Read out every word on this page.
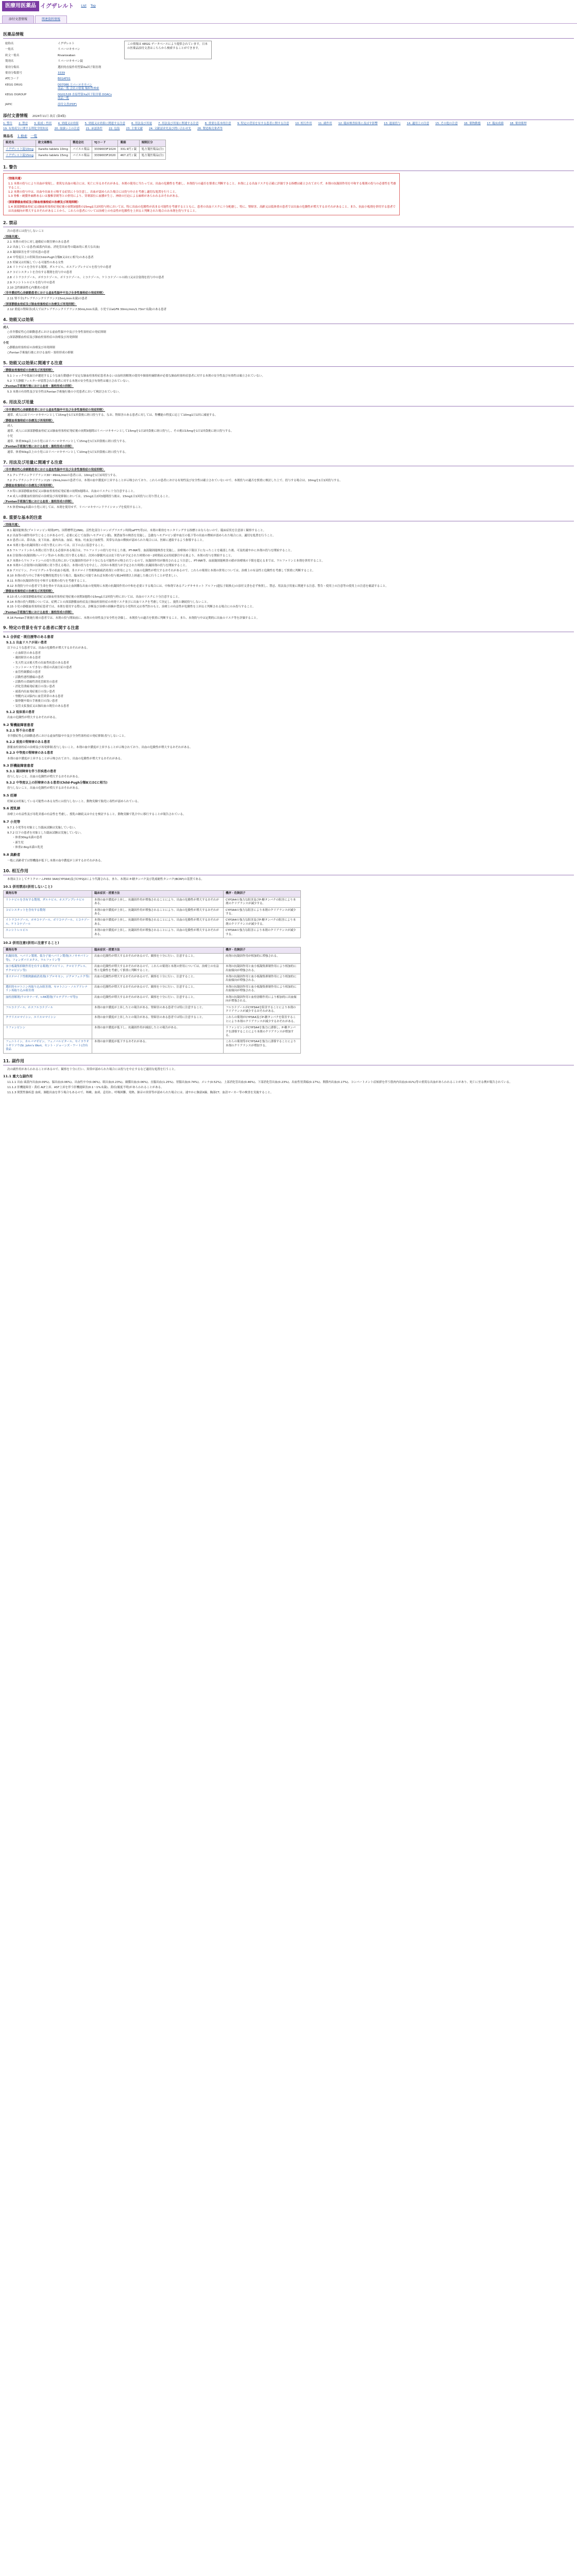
医療用医薬品 イグザレルト List Top
添付文書情報	関連資料情報
医薬品情報
総称名	イグザレルト
一般名	リバーロキサバン
欧文一般名	Rivaroxaban
製剤名	リバーロキサバン錠
薬効分類名	選択的直接作用型第Xa因子阻害剤
薬効分類番号	3339
ATCコード	B01AF01
KEGG DRUG	D07086 リバーロキサバン
商品一覧 会社の情報 類似性検索
KEGG DGROUP	DG01528 直接型第Xa因子阻害薬 DOACs
商品一覧
JAPIC	添付文書(PDF)
この情報は KEGG データベースにより提供されています。日本の医薬品添付文書はこちらから検索することができます。
添付文書情報 2024年11月 改訂 (第4版)
1. 警告 2. 禁忌 3. 組成・性状 4. 効能又は効果 5. 効能又は効果に関連する注意 6. 用法及び用量 7. 用法及び用量に関連する注意 8. 重要な基本的注意 9. 特定の背景を有する患者に関する注意 10. 相互作用 11. 副作用 12. 臨床検査結果に及ぼす影響 13. 過量投与 14. 適用上の注意 15. その他の注意 16. 薬物動態 17. 臨床成績 18. 薬効薬理
19. 有効成分に関する理化学的知見 20. 取扱い上の注意 21. 承認条件 22. 包装 23. 主要文献 24. 文献請求先及び問い合わせ先 26. 製造販売業者等
商品名 1 検索 一覧
販売名	欧文商標名	製造会社	YJコード	薬価	規制区分
イグザレルト錠10mg	Xarelto tablets 10mg	バイエル薬品	3339003F1024	331.9円 / 錠	処方箋医薬品(注)
イグザレルト錠15mg	Xarelto tablets 15mg	バイエル薬品	3339003F2020	467.2円 / 錠	処方箋医薬品(注)
1. 警告
〈効能共通〉

1.1 本剤の投与により出血が発現し、重篤な出血の場合には、死亡に至るおそれがある。本剤の使用に当たっては、出血の危険性を考慮し、本剤投与の適否を慎重に判断すること。本剤による出血リスクを正確に評価できる指標は確立されておらず、本剤の抗凝固作用を中和する薬剤の投与の必要性を考慮すること。

1.2 本剤の投与中は、出血や出血を示唆する症状に十分注意し、出血が認められた場合には投与中止を考慮し適切な処置を行うこと。

1.3 脊椎・硬膜外麻酔あるいは腰椎穿刺等との併用により、穿刺部位に血腫が生じ、神経の圧迫による麻痺があらわれるおそれがある。

〈深部静脈血栓症及び肺血栓塞栓症の治療及び再発抑制〉

1.4 深部静脈血栓症又は肺血栓塞栓症発症後の初期3週間の15mg1日2回投与時においては、特に出血の危険性が高まる可能性を考慮するとともに、患者の出血リスクに十分配慮し、特に、腎障害、高齢又は低体重の患者では出血の危険性が増大するおそれがあること、また、抗血小板剤を併用する患者では出血傾向が増大するおそれがあることから、これらの患者については治療上の有益性が危険性を上回ると判断された場合のみ本剤を投与すること。

2. 禁忌
次の患者には投与しないこと
〈効能共通〉

2.1 本剤の成分に対し過敏症の既往歴のある患者

2.2 出血している患者(頭蓋内出血、消化管出血等の臨床的に重大な出血)

2.3 凝固障害を伴う肝疾患の患者

2.4 中等度以上の肝障害(Child-Pugh分類B又はCに相当)のある患者

2.5 妊婦又は妊娠している可能性のある女性

2.6 リトナビルを含有する製剤、ダルナビル、ホスアンプレナビルを投与中の患者

2.7 コビシスタットを含有する製剤を投与中の患者

2.8 イトラコナゾール、ポサコナゾール、ボリコナゾール、ミコナゾール、ケトコナゾールの経口又は注射剤を投与中の患者

2.9 エンシトレルビルを投与中の患者

2.10 急性細菌性心内膜炎の患者

〈非弁膜症性心房細動患者における虚血性脳卒中及び全身性塞栓症の発症抑制〉

2.11 腎不全(クレアチニンクリアランス15mL/min未満)の患者

〈深部静脈血栓症及び肺血栓塞栓症の治療及び再発抑制〉

2.12 重度の腎障害(成人ではクレアチニンクリアランス30mL/min未満、小児ではeGFR 30mL/min/1.73m²未満)のある患者

4. 効能又は効果
成人

○非弁膜症性心房細動患者における虚血性脳卒中及び全身性塞栓症の発症抑制

○深部静脈血栓症及び肺血栓塞栓症の治療及び再発抑制

小児

○静脈血栓塞栓症の治療及び再発抑制

○Fontan手術施行後における血栓・塞栓形成の抑制

5. 効能又は効果に関連する注意
〈静脈血栓塞栓症の治療及び再発抑制〉

5.1 ショックや低血圧が遷延するような血行動態が不安定な肺血栓塞栓症患者あるいは血栓溶解剤の使用や肺塞栓摘除術が必要な肺血栓塞栓症患者に対する本剤の安全性及び有効性は確立されていない。

5.2 下大静脈フィルターが留置された患者に対する本剤の安全性及び有効性は確立されていない。

〈Fontan手術施行後における血栓・塞栓形成の抑制〉

5.3 本剤の有効性及び安全性はFontan手術施行後の小児患者において検討されていない。

6. 用法及び用量
〈非弁膜症性心房細動患者における虚血性脳卒中及び全身性塞栓症の発症抑制〉

通常、成人にはリバーロキサバンとして15mgを1日1回食後に経口投与する。なお、腎障害のある患者に対しては、腎機能の程度に応じて10mg1日1回に減量する。

〈静脈血栓塞栓症の治療及び再発抑制〉

成人

通常、成人には深部静脈血栓症又は肺血栓塞栓症発症後の初期3週間はリバーロキサバンとして15mgを1日2回食後に経口投与し、その後は15mgを1日1回食後に経口投与する。

小児

通常、体重30kg以上の小児にはリバーロキサバンとして15mgを1日1回食後に経口投与する。

〈Fontan手術施行後における血栓・塞栓形成の抑制〉

通常、体重50kg以上の小児にはリバーロキサバンとして10mgを1日1回食後に経口投与する。

7. 用法及び用量に関連する注意
〈非弁膜症性心房細動患者における虚血性脳卒中及び全身性塞栓症の発症抑制〉

7.1 クレアチニンクリアランス30～49mL/minの患者には、10mgを1日1回投与する。

7.2 クレアチニンクリアランス15～29mL/minの患者では、本剤の血中濃度が上昇することが示唆されており、これらの患者における有効性及び安全性は確立されていないので、本剤投与の適否を慎重に検討した上で、投与する場合は、10mgを1日1回投与する。

〈静脈血栓塞栓症の治療及び再発抑制〉

7.3 特に深部静脈血栓症又は肺血栓塞栓症発症後の初期3週間は、出血のリスクに十分注意すること。

7.4 成人の静脈血栓塞栓症の治療及び再発抑制においては、15mg1日2回3週間投与後は、15mg1日1回投与に切り替えること。

〈Fontan手術施行後における血栓・塞栓形成の抑制〉

7.5 体重50kg未満の小児に対しては、本剤を使用せず、リバーロキサバンドライシロップを使用すること。

8. 重要な基本的注意
〈効能共通〉

8.1 凝固能検査(プロトロンビン時間(PT)、国際標準比(INR)、活性化部分トロンボプラスチン時間(aPTT)等)は、本剤の薬効をモニタリングする指標とはならないので、臨床症状を注意深く観察すること。

8.2 出血等の副作用が生じることがあるので、必要に応じて血算(ヘモグロビン値)、便潜血等の検査を実施し、急激なヘモグロビン値や血圧の低下等の出血の徴候が認められた場合には、適切な処置を行うこと。

8.3 患者には、鼻出血、皮下出血、歯肉出血、血尿、喀血、吐血及び血便等、異常な出血の徴候が認められた場合には、医師に連絡するよう指導すること。

8.4 本剤と他の抗凝固剤との切り替えにおいては、以下の点に留意すること。

8.5 ワルファリンから本剤に切り替える必要がある場合は、ワルファリンの投与を中止した後、PT-INR等、血液凝固能検査を実施し、治療域の下限以下になったことを確認した後、可及的速やかに本剤の投与を開始すること。

8.6 注射剤の抗凝固剤(ヘパリン等)から本剤に切り替える場合、次回の静脈内又は皮下投与が予定された時間の0～2時間前又は持続静注中止後より、本剤の投与を開始すること。

8.7 本剤からワルファリンへの切り替え時において抗凝固作用が不十分になる可能性が示唆されているので、抗凝固作用が維持されるよう注意し、PT-INR等、血液凝固能検査の値が治療域の下限を超えるまでは、ワルファリンと本剤を併用すること。

8.8 本剤から注射剤の抗凝固剤に切り替える場合、本剤の投与を中止し、次回の本剤投与が予定された時間に抗凝固剤の投与を開始すること。

8.9 アスピリン、クロピドグレル等の抗血小板剤、非ステロイド性解熱鎮痛消炎剤との併用により、出血の危険性が増大するおそれがあるので、これらの薬剤と本剤の併用については、治療上の有益性と危険性を考慮して慎重に判断すること。

8.10 本剤の投与中に手術や侵襲的処置を行う場合、臨床的に可能であれば本剤の投与後24時間以上経過した後に行うことが望ましい。

8.11 本剤の抗凝固作用を中和する薬剤の投与を考慮すること。

8.12 本剤投与中の患者で生命を脅かす出血又は止血困難な出血の発現時に本剤の抗凝固作用の中和を必要とする場合には、中和剤であるアンデキサネット アルファ(遺伝子組換え)の添付文書を必ず参照し、禁忌、用法及び用量に関連する注意、警告・使用上の注意等の使用上の注意を確認すること。

〈静脈血栓塞栓症の治療及び再発抑制〉

8.13 成人の深部静脈血栓症又は肺血栓塞栓症発症後の初期3週間の15mg1日2回投与時においては、出血のリスクに十分注意すること。

8.14 本剤の投与期間については、症例ごとの深部静脈血栓症及び肺血栓塞栓症の再発リスク並びに出血リスクを考慮して決定し、漫然と継続投与しないこと。

8.15 小児の静脈血栓塞栓症患者では、本剤を使用する際には、診断及び治療の経験が豊富な小児科医又は専門医のもと、治療上の有益性が危険性を上回ると判断される場合にのみ投与すること。

〈Fontan手術施行後における血栓・塞栓形成の抑制〉

8.16 Fontan手術施行後の患者では、本剤の投与開始前に、本剤の有効性及び安全性を評価し、本剤投与の適否を慎重に判断すること。また、本剤投与中は定期的に出血のリスク等を評価すること。

9. 特定の背景を有する患者に関する注意
9.1 合併症・既往歴等のある患者
9.1.1 出血リスクが高い患者
以下のような患者では、出血の危険性が増大するおそれがある。
・止血障害のある患者
・凝固障害のある患者
・先天性又は後天性の出血性疾患のある患者
・コントロールできない重症の高血圧症の患者
・血管性網膜症の患者
・活動性悪性腫瘍の患者
・活動性の潰瘍性消化管障害の患者
・消化管潰瘍発症後日の浅い患者
・頭蓋内出血発症後日の浅い患者
・脊髄内又は脳内に血管異常のある患者
・脳脊髄や眼の手術後日の浅い患者
・気管支拡張症又は肺出血の既往のある患者
9.1.2 低体重の患者
出血の危険性が増大するおそれがある。
9.2 腎機能障害患者
9.2.1 腎不全の患者
非弁膜症性心房細動患者における虚血性脳卒中及び全身性塞栓症の発症抑制:投与しないこと。
9.2.2 重度の腎障害のある患者
静脈血栓塞栓症の治療及び再発抑制:投与しないこと。本剤の血中濃度が上昇することが示唆されており、出血の危険性が増大するおそれがある。
9.2.3 中等度の腎障害のある患者
本剤の血中濃度が上昇することが示唆されており、出血の危険性が増大するおそれがある。
9.3 肝機能障害患者
9.3.1 凝固障害を伴う肝疾患の患者
投与しないこと。出血の危険性が増大するおそれがある。
9.3.2 中等度以上の肝障害のある患者(Child-Pugh分類B又はCに相当)
投与しないこと。出血の危険性が増大するおそれがある。
9.5 妊婦
妊婦又は妊娠している可能性のある女性には投与しないこと。動物実験で胎児に毒性が認められている。
9.6 授乳婦
治療上の有益性及び母乳栄養の有益性を考慮し、授乳の継続又は中止を検討すること。動物実験で乳汁中に移行することが報告されている。
9.7 小児等

9.7.1 小児等を対象とした臨床試験は実施していない。

9.7.2 以下の患者を対象とした臨床試験は実施していない。

・体重30kg未満の患者
・新生児
・体重2.6kg未満の乳児
9.8 高齢者
一般に高齢者では腎機能が低下し本剤の血中濃度が上昇するおそれがある。
10. 相互作用
本剤は主としてチトクロームP450 3A4(CYP3A4)及びCYP2J2により代謝される。また、本剤は P-糖タンパク及び乳癌耐性タンパク(BCRP)の基質である。
10.1 併用禁忌(併用しないこと)
薬剤名等	臨床症状・措置方法	機序・危険因子
リトナビルを含有する製剤、ダルナビル、ホスアンプレナビル	本剤の血中濃度が上昇し、抗凝固作用が増強されることにより、出血の危険性が増大するおそれがある。	CYP3A4の強力な阻害及びP-糖タンパクの阻害により本剤のクリアランスが減少する。
コビシスタットを含有する製剤	本剤の血中濃度が上昇し、抗凝固作用が増強されることにより、出血の危険性が増大するおそれがある。	CYP3A4の強力な阻害により本剤のクリアランスが減少する。
イトラコナゾール、ポサコナゾール、ボリコナゾール、ミコナゾール、ケトコナゾール	本剤の血中濃度が上昇し、抗凝固作用が増強されることにより、出血の危険性が増大するおそれがある。	CYP3A4の強力な阻害及びP-糖タンパクの阻害により本剤のクリアランスが減少する。
エンシトレルビル	本剤の血中濃度が上昇し、抗凝固作用が増強されることにより、出血の危険性が増大するおそれがある。	CYP3A4の強力な阻害により本剤のクリアランスが減少する。
10.2 併用注意(併用に注意すること)
薬剤名等	臨床症状・措置方法	機序・危険因子
抗凝固剤、ヘパリン製剤、低分子量ヘパリン製剤(エノキサパリン等)、フォンダパリヌクス、ワルファリン等	出血の危険性が増大するおそれがあるので、観察を十分に行い、注意すること。	両剤の抗凝固作用が相加的に増強される。
血小板凝集抑制作用を有する薬剤(アスピリン、クロピドグレル、チクロピジン等)	出血の危険性が増大するおそれがあるので、これらの薬剤と本剤の併用については、治療上の有益性と危険性を考慮して慎重に判断すること。	本剤の抗凝固作用と血小板凝集抑制作用により相加的に出血傾向が増強される。
非ステロイド性解熱鎮痛消炎剤(ナプロキセン、ジクロフェナク等)	出血の危険性が増大するおそれがあるので、観察を十分に行い、注意すること。	本剤の抗凝固作用と血小板凝集抑制作用により相加的に出血傾向が増強される。
選択的セロトニン再取り込み阻害剤、セロトニン・ノルアドレナリン再取り込み阻害剤	出血の危険性が増大するおそれがあるので、観察を十分に行い、注意すること。	本剤の抗凝固作用と血小板凝集抑制作用により相加的に出血傾向が増強される。
血栓溶解剤(ウロキナーゼ、t-PA製剤(アルテプラーゼ等))	出血の危険性が増大するおそれがあるので、観察を十分に行い、注意すること。	本剤の抗凝固作用と血栓溶解作用により相加的に出血傾向が増強される。
フルコナゾール、ホスフルコナゾール	本剤の血中濃度が上昇したとの報告がある。腎障害のある患者では特に注意すること。	フルコナゾールがCYP3A4を阻害することにより本剤のクリアランスが減少するおそれがある。
クラリスロマイシン、エリスロマイシン	本剤の血中濃度が上昇したとの報告がある。腎障害のある患者では特に注意すること。	これらの薬剤がCYP3A4及びP-糖タンパクを阻害することにより本剤のクリアランスが減少するおそれがある。
リファンピシン	本剤の血中濃度が低下し、抗凝固作用が減弱したとの報告がある。	リファンピシンがCYP3A4を強力に誘導し、P-糖タンパクを誘導することにより本剤のクリアランスが増加する。
フェニトイン、カルバマゼピン、フェノバルビタール、セイヨウオトギリソウ(St. John's Wort、セント・ジョーンズ・ワート)含有食品	本剤の血中濃度が低下するおそれがある。	これらの薬剤等がCYP3A4を強力に誘導することにより本剤のクリアランスが増加する。
11. 副作用
次の副作用があらわれることがあるので、観察を十分に行い、異常が認められた場合には投与を中止するなど適切な処置を行うこと。
11.1 重大な副作用

11.1.1 出血 頭蓋内出血(0.09%)、脳出血(0.06%)、出血性卒中(0.06%)、眼出血(0.23%)、網膜出血(0.06%)、直腸出血(1.25%)、胃腸出血(0.74%)、メレナ(0.52%)、上部消化管出血(0.46%)、下部消化管出血(0.23%)、出血性胃潰瘍(0.17%)、関節内出血(0.17%)、コンパートメント症候群を伴う筋肉内出血(0.01%)等の重篤な出血があらわれることがあり、死亡に至る例が報告されている。

11.1.2 肝機能障害・黄疸 ALT上昇、AST上昇を伴う肝機能障害(0.1～1%未満)、黄疸(頻度不明)があらわれることがある。

11.1.3 間質性肺疾患 血痰、肺胞出血を伴う場合もあるので、咳嗽、血痰、息切れ、呼吸困難、発熱、肺音の異常等が認められた場合には、速やかに胸部X線、胸部CT、血清マーカー等の検査を実施すること。
